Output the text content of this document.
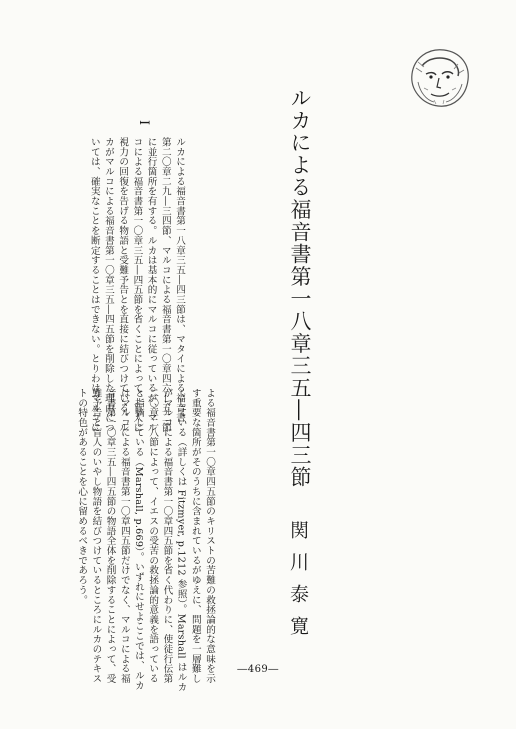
ルカによる福音書第一八章三五―四三節
関川泰寛
I
ルカによる福音書第一八章三五―四三節は、マタイによる福音書
第二〇章二九―三四節、マルコによる福音書第一〇章四六―五二節
に並行箇所を有する。ルカは基本的にマルコに従っているが、マル
コによる福音書第一〇章三五―四五節を省くことによって、盲人に
視力の回復を告げる物語と受難予告とを直接に結びつけている。ル
カがマルコによる福音書第一〇章三五―四五節を削除した理由につ
いては、確実なことを断定することはできない。とりわけマルコに
よる福音書第一〇章四五節のキリストの苦難の救拯論的な意味を示
す重要な箇所がそのうちに含まれているがゆえに、問題を一層難し
くしている（詳しくは Fitzmyer, p.1212 参照）。Marshall はルカ
がマルコによる福音書第一〇章四五節を省く代わりに、使徒行伝第
二〇章二八節によって、イエスの受苦の救拯論的意義を語っている
と指摘している（Marshall, p.669）。いずれにせよここでは、ルカ
はマルコによる福音書第一〇章四五節だけでなく、マルコによる福
音書第一〇章三五―四五節の物語全体を削除することによって、受
難予告と盲人のいやし物語を結びつけているところにルカのテキス
トの特色があることを心に留めるべきであろう。
―469―
